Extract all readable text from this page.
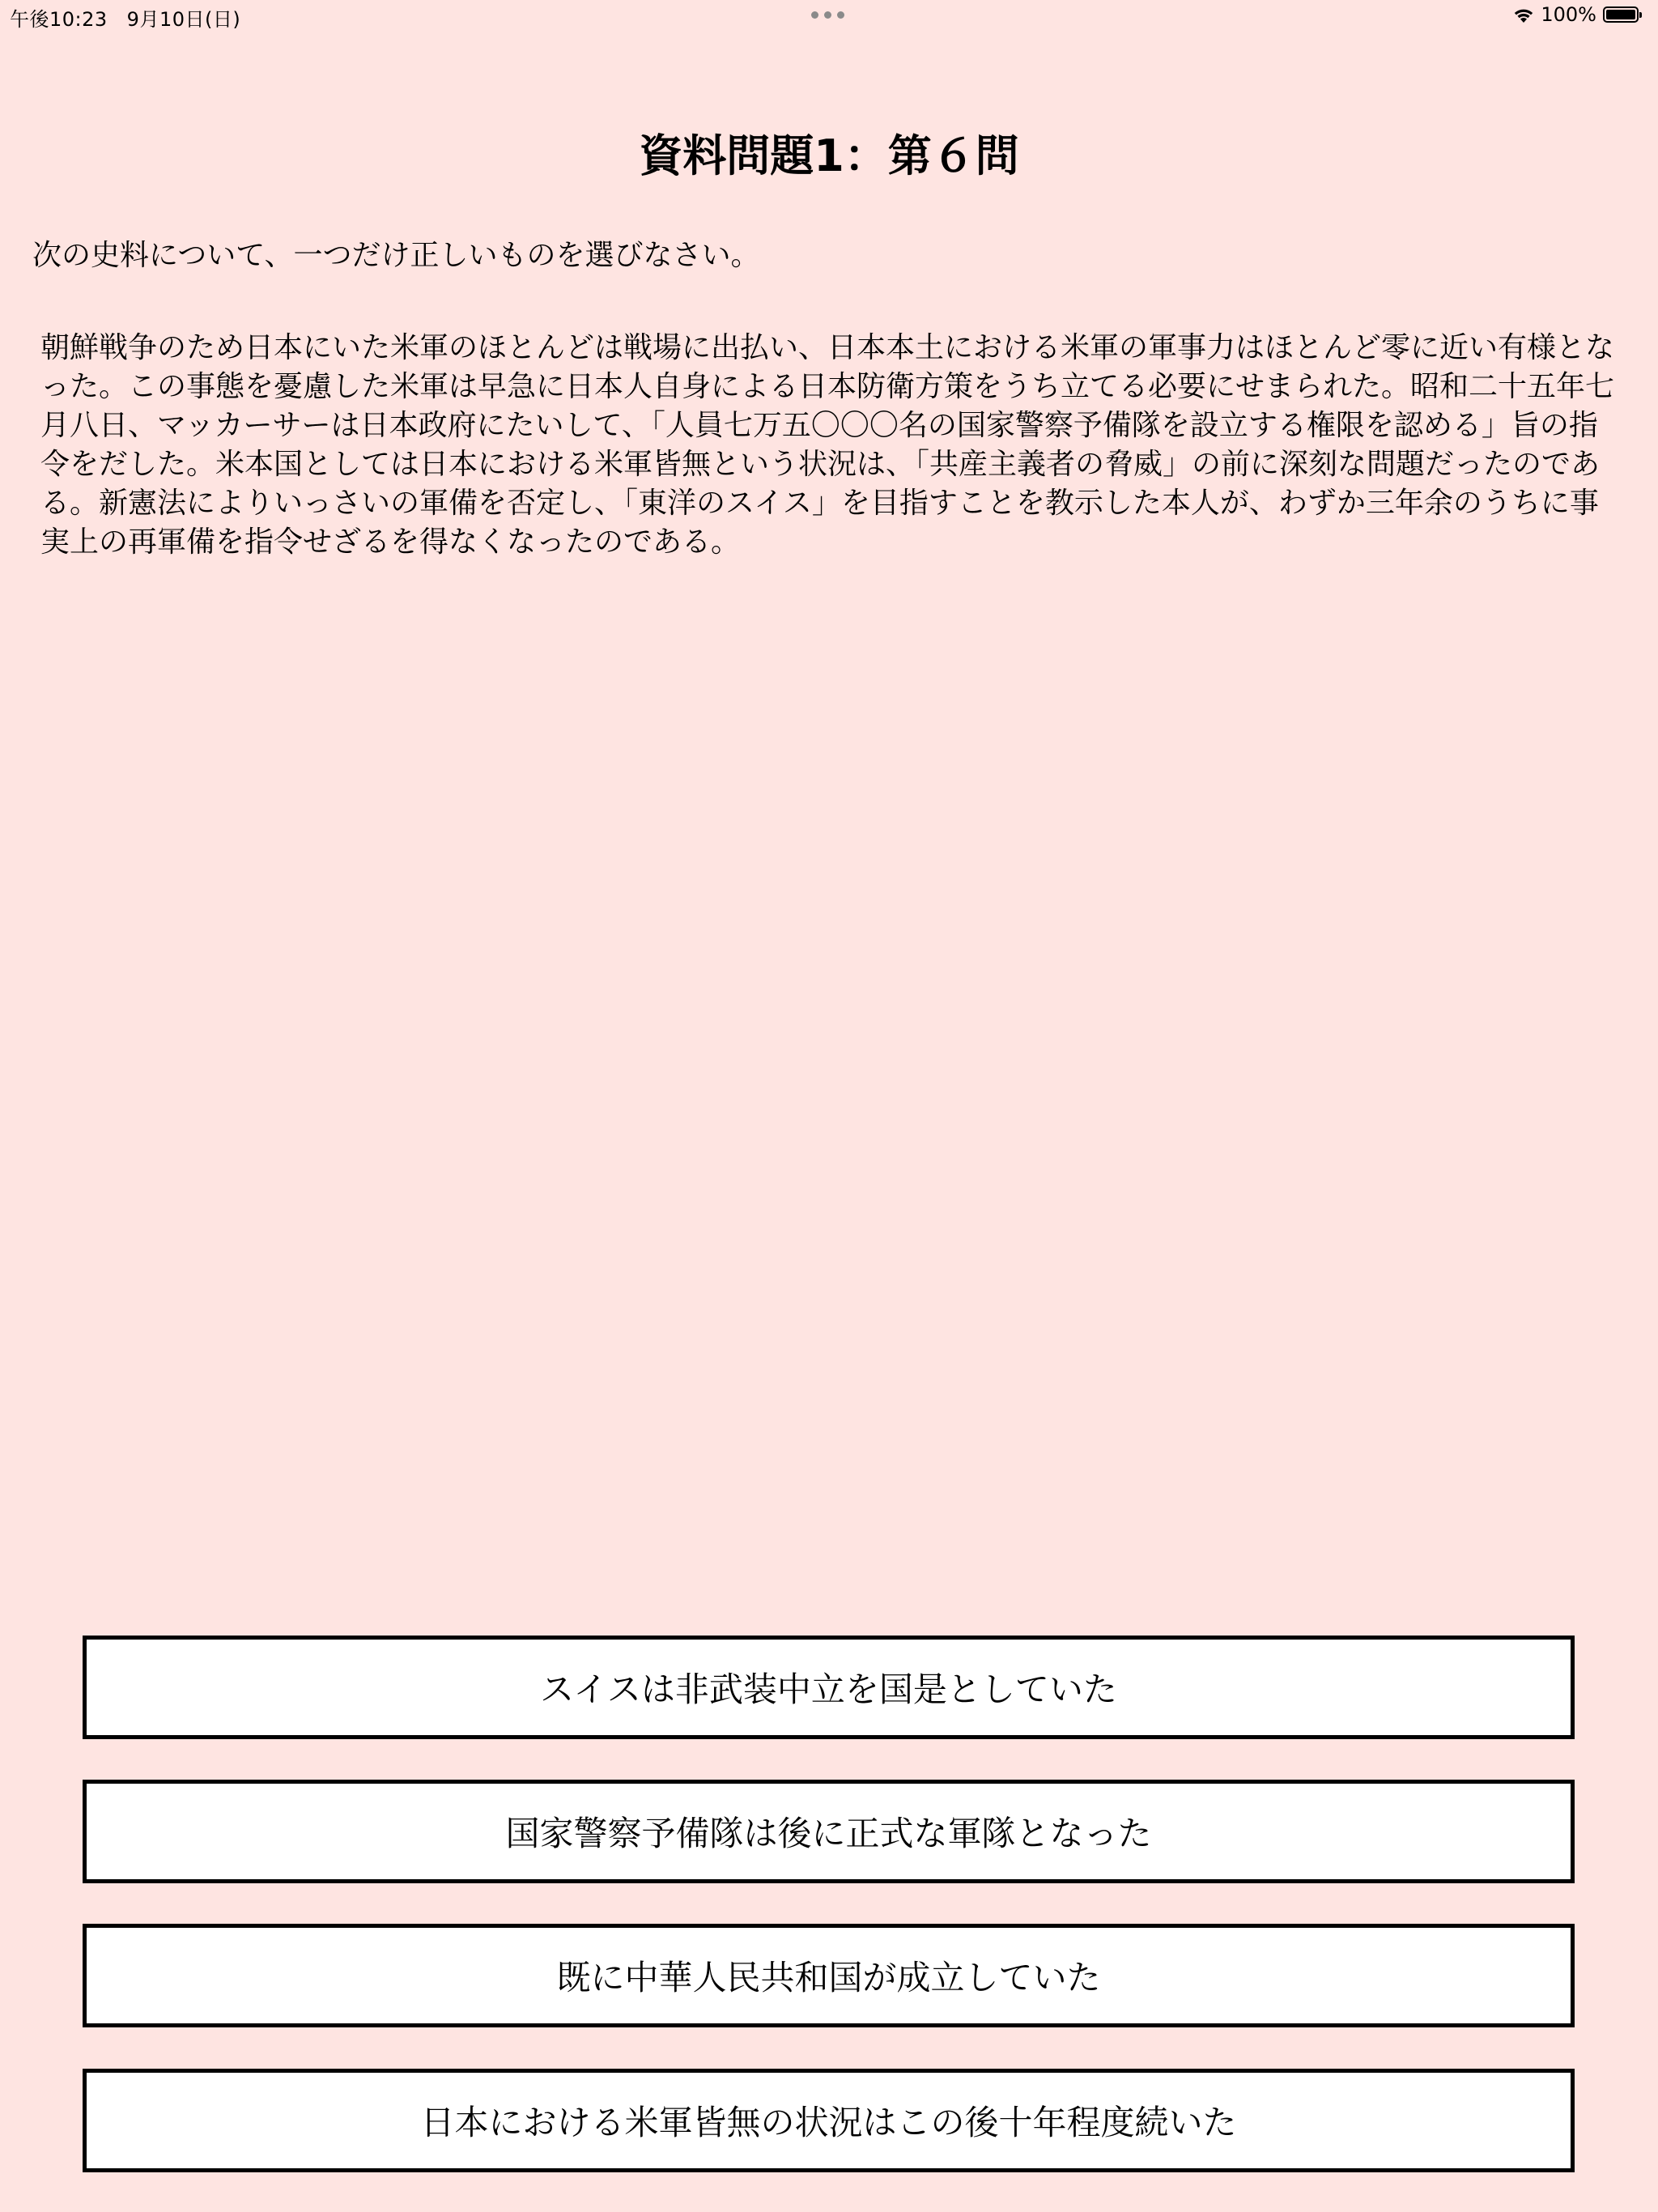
午後10:23 9月10日(日)	100%
資料問題1：第６問
次の史料について、一つだけ正しいものを選びなさい。
朝鮮戦争のため日本にいた米軍のほとんどは戦場に出払い、日本本土における米軍の軍事力はほとんど零に近い有様となった。この事態を憂慮した米軍は早急に日本人自身による日本防衛方策をうち立てる必要にせまられた。昭和二十五年七月八日、マッカーサーは日本政府にたいして、「人員七万五〇〇〇名の国家警察予備隊を設立する権限を認める」旨の指令をだした。米本国としては日本における米軍皆無という状況は、「共産主義者の脅威」の前に深刻な問題だったのである。新憲法によりいっさいの軍備を否定し、「東洋のスイス」を目指すことを教示した本人が、わずか三年余のうちに事実上の再軍備を指令せざるを得なくなったのである。
スイスは非武装中立を国是としていた
国家警察予備隊は後に正式な軍隊となった
既に中華人民共和国が成立していた
日本における米軍皆無の状況はこの後十年程度続いた
